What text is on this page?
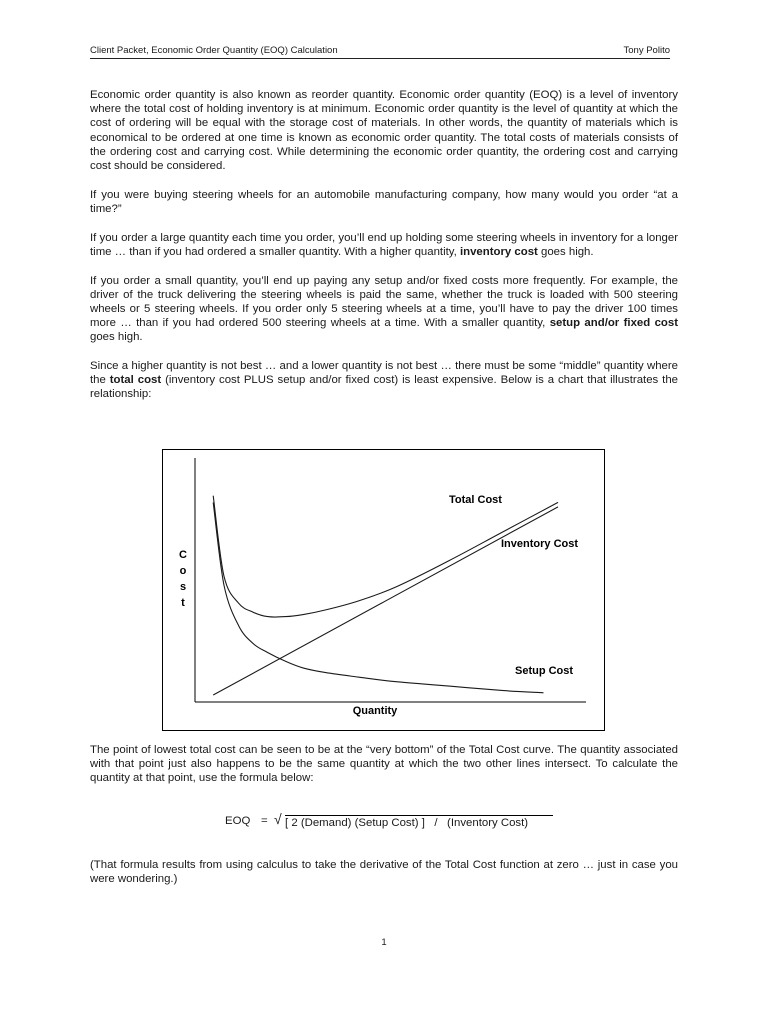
Client Packet, Economic Order Quantity (EOQ) Calculation	Tony Polito

Economic order quantity is also known as reorder quantity. Economic order quantity (EOQ) is a level of inventory where the total cost of holding inventory is at minimum. Economic order quantity is the level of quantity at which the cost of ordering will be equal with the storage cost of materials. In other words, the quantity of materials which is economical to be ordered at one time is known as economic order quantity. The total costs of materials consists of the ordering cost and carrying cost. While determining the economic order quantity, the ordering cost and carrying cost should be considered.

If you were buying steering wheels for an automobile manufacturing company, how many would you order “at a time?”

If you order a large quantity each time you order, you’ll end up holding some steering wheels in inventory for a longer time … than if you had ordered a smaller quantity. With a higher quantity, inventory cost goes high.

If you order a small quantity, you’ll end up paying any setup and/or fixed costs more frequently. For example, the driver of the truck delivering the steering wheels is paid the same, whether the truck is loaded with 500 steering wheels or 5 steering wheels. If you order only 5 steering wheels at a time, you’ll have to pay the driver 100 times more … than if you had ordered 500 steering wheels at a time. With a smaller quantity, setup and/or fixed cost goes high.

Since a higher quantity is not best … and a lower quantity is not best … there must be some “middle” quantity where the total cost (inventory cost PLUS setup and/or fixed cost) is least expensive. Below is a chart that illustrates the relationship:

C
o
s
t
Quantity
Total Cost
Inventory Cost
Setup Cost

The point of lowest total cost can be seen to be at the “very bottom” of the Total Cost curve. The quantity associated with that point just also happens to be the same quantity at which the two other lines intersect. To calculate the quantity at that point, use the formula below:

EOQ = √ [ 2 (Demand) (Setup Cost) ]   /   (Inventory Cost)

(That formula results from using calculus to take the derivative of the Total Cost function at zero … just in case you were wondering.)

1
